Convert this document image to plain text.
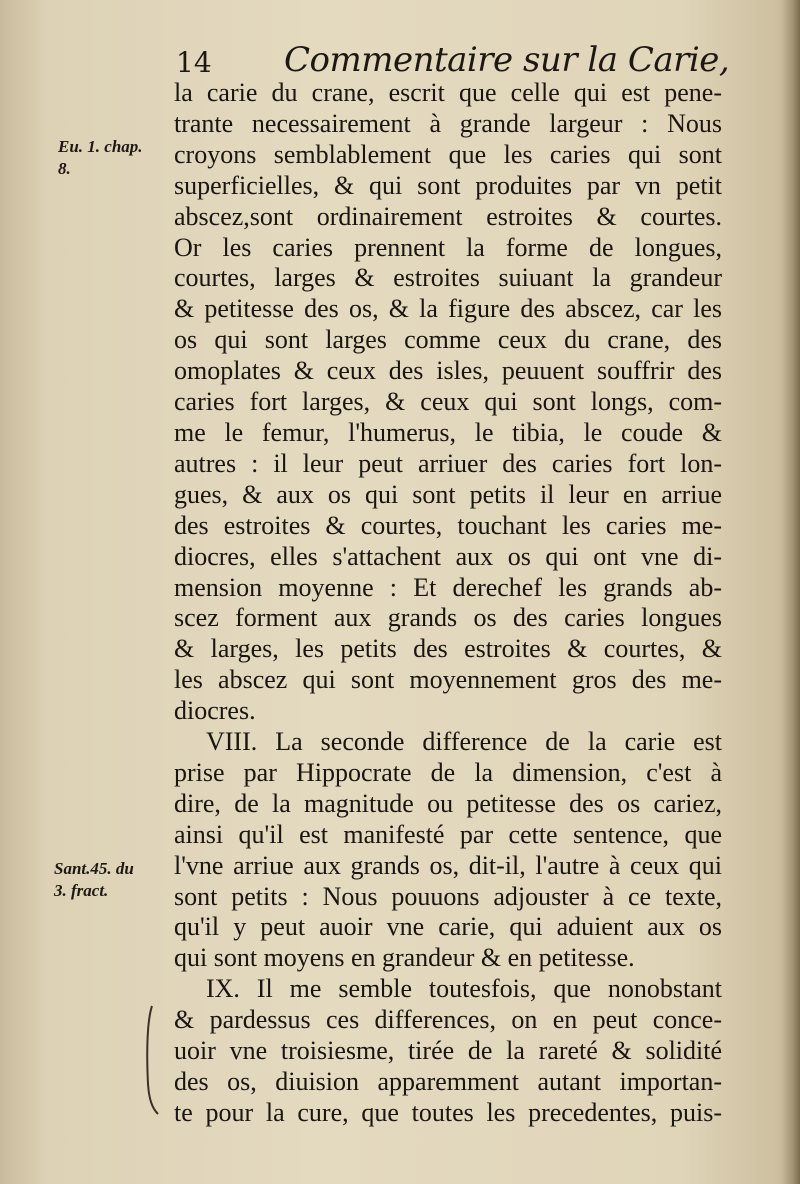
14 Commentaire sur la Carie,
Eu. 1. chap.
8.
Sant.45. du
3. fract.
la carie du crane, escrit que celle qui est pene-
trante necessairement à grande largeur : Nous
croyons semblablement que les caries qui sont
superficielles, & qui sont produites par vn petit
abscez,sont ordinairement estroites & courtes.
Or les caries prennent la forme de longues,
courtes, larges & estroites suiuant la grandeur
& petitesse des os, & la figure des abscez, car les
os qui sont larges comme ceux du crane, des
omoplates & ceux des isles, peuuent souffrir des
caries fort larges, & ceux qui sont longs, com-
me le femur, l'humerus, le tibia, le coude &
autres : il leur peut arriuer des caries fort lon-
gues, & aux os qui sont petits il leur en arriue
des estroites & courtes, touchant les caries me-
diocres, elles s'attachent aux os qui ont vne di-
mension moyenne : Et derechef les grands ab-
scez forment aux grands os des caries longues
& larges, les petits des estroites & courtes, &
les abscez qui sont moyennement gros des me-
diocres.
VIII. La seconde difference de la carie est
prise par Hippocrate de la dimension, c'est à
dire, de la magnitude ou petitesse des os cariez,
ainsi qu'il est manifesté par cette sentence, que
l'vne arriue aux grands os, dit-il, l'autre à ceux qui
sont petits : Nous pouuons adjouster à ce texte,
qu'il y peut auoir vne carie, qui aduient aux os
qui sont moyens en grandeur & en petitesse.
IX. Il me semble toutesfois, que nonobstant
& pardessus ces differences, on en peut conce-
uoir vne troisiesme, tirée de la rareté & solidité
des os, diuision apparemment autant importan-
te pour la cure, que toutes les precedentes, puis-
